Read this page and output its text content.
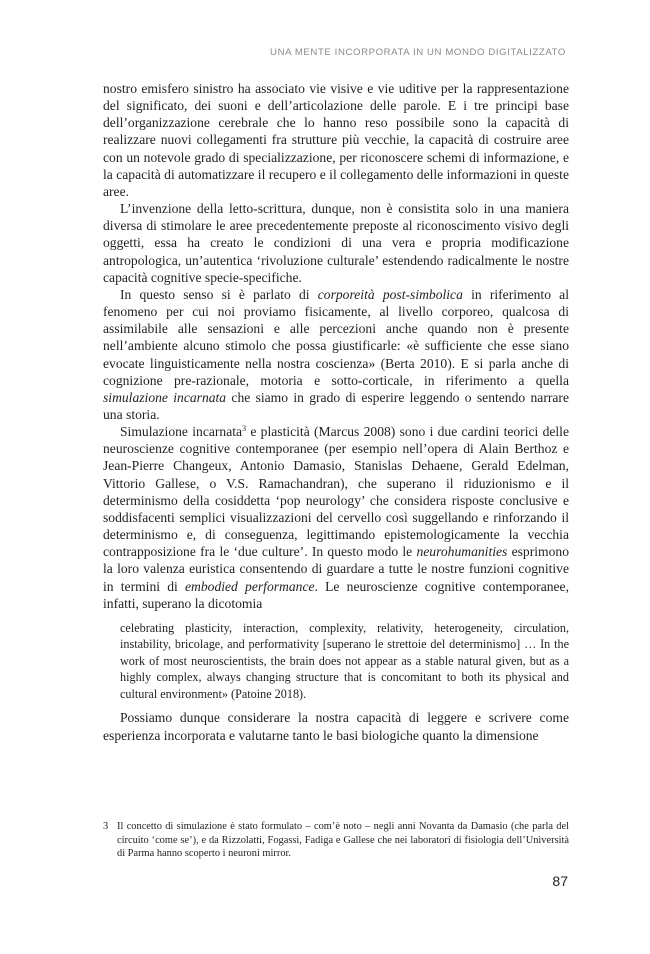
UNA MENTE INCORPORATA IN UN MONDO DIGITALIZZATO

nostro emisfero sinistro ha associato vie visive e vie uditive per la rappresentazione del significato, dei suoni e dell’articolazione delle parole. E i tre principi base dell’organizzazione cerebrale che lo hanno reso possibile sono la capacità di realizzare nuovi collegamenti fra strutture più vecchie, la capacità di costruire aree con un notevole grado di specializzazione, per riconoscere schemi di informazione, e la capacità di automatizzare il recupero e il collegamento delle informazioni in queste aree.

L’invenzione della letto-scrittura, dunque, non è consistita solo in una maniera diversa di stimolare le aree precedentemente preposte al riconoscimento visivo degli oggetti, essa ha creato le condizioni di una vera e propria modificazione antropologica, un’autentica ‘rivoluzione culturale’ estendendo radicalmente le nostre capacità cognitive specie-specifiche.

In questo senso si è parlato di corporeità post-simbolica in riferimento al fenomeno per cui noi proviamo fisicamente, al livello corporeo, qualcosa di assimilabile alle sensazioni e alle percezioni anche quando non è presente nell’ambiente alcuno stimolo che possa giustificarle: «è sufficiente che esse siano evocate linguisticamente nella nostra coscienza» (Berta 2010). E si parla anche di cognizione pre-razionale, motoria e sotto-corticale, in riferimento a quella simulazione incarnata che siamo in grado di esperire leggendo o sentendo narrare una storia.

Simulazione incarnata$^3$ e plasticità (Marcus 2008) sono i due cardini teorici delle neuroscienze cognitive contemporanee (per esempio nell’opera di Alain Berthoz e Jean-Pierre Changeux, Antonio Damasio, Stanislas Dehaene, Gerald Edelman, Vittorio Gallese, o V.S. Ramachandran), che superano il riduzionismo e il determinismo della cosiddetta ‘pop neurology’ che considera risposte conclusive e soddisfacenti semplici visualizzazioni del cervello così suggellando e rinforzando il determinismo e, di conseguenza, legittimando epistemologicamente la vecchia contrapposizione fra le ‘due culture’. In questo modo le neurohumanities esprimono la loro valenza euristica consentendo di guardare a tutte le nostre funzioni cognitive in termini di embodied performance. Le neuroscienze cognitive contemporanee, infatti, superano la dicotomia

celebrating plasticity, interaction, complexity, relativity, heterogeneity, circulation, instability, bricolage, and performativity [superano le strettoie del determinismo] … In the work of most neuroscientists, the brain does not appear as a stable natural given, but as a highly complex, always changing structure that is concomitant to both its physical and cultural environment» (Patoine 2018).

Possiamo dunque considerare la nostra capacità di leggere e scrivere come esperienza incorporata e valutarne tanto le basi biologiche quanto la dimensione

3 Il concetto di simulazione è stato formulato – com’è noto – negli anni Novanta da Damasio (che parla del circuito ‘come se’), e da Rizzolatti, Fogassi, Fadiga e Gallese che nei laboratori di fisiologia dell’Università di Parma hanno scoperto i neuroni mirror.
87
